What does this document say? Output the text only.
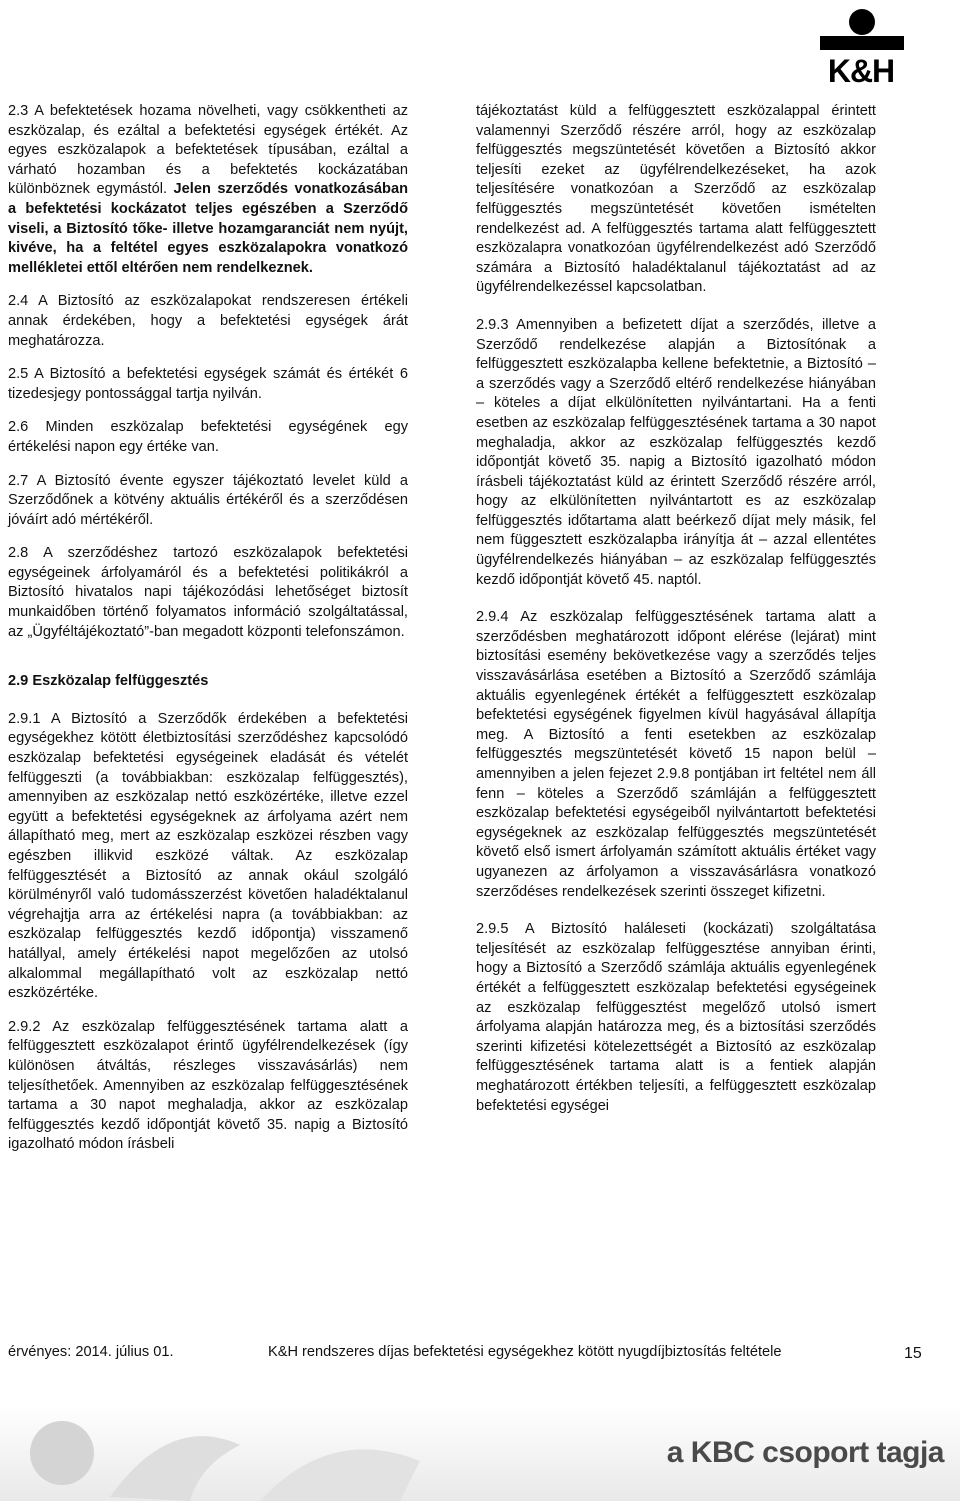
K&H

2.3 A befektetések hozama növelheti, vagy csökkentheti az eszközalap, és ezáltal a befektetési egységek értékét. Az egyes eszközalapok a befektetések típusában, ezáltal a várható hozamban és a befektetés kockázatában különböznek egymástól. Jelen szerződés vonatkozásában a befektetési kockázatot teljes egészében a Szerződő viseli, a Biztosító tőke- illetve hozamgaranciát nem nyújt, kivéve, ha a feltétel egyes eszközalapokra vonatkozó mellékletei ettől eltérően nem rendelkeznek.

2.4 A Biztosító az eszközalapokat rendszeresen értékeli annak érdekében, hogy a befektetési egységek árát meghatározza.

2.5 A Biztosító a befektetési egységek számát és értékét 6 tizedesjegy pontossággal tartja nyilván.

2.6 Minden eszközalap befektetési egységének egy értékelési napon egy értéke van.

2.7 A Biztosító évente egyszer tájékoztató levelet küld a Szerződőnek a kötvény aktuális értékéről és a szerződésen jóváírt adó mértékéről.

2.8 A szerződéshez tartozó eszközalapok befektetési egységeinek árfolyamáról és a befektetési politikákról a Biztosító hivatalos napi tájékozódási lehetőséget biztosít munkaidőben történő folyamatos információ szolgáltatással, az „Ügyféltájékoztató”-ban megadott központi telefonszámon.

2.9 Eszközalap felfüggesztés

2.9.1 A Biztosító a Szerződők érdekében a befektetési egységekhez kötött életbiztosítási szerződéshez kapcsolódó eszközalap befektetési egységeinek eladását és vételét felfüggeszti (a továbbiakban: eszközalap felfüggesztés), amennyiben az eszközalap nettó eszközértéke, illetve ezzel együtt a befektetési egységeknek az árfolyama azért nem állapítható meg, mert az eszközalap eszközei részben vagy egészben illikvid eszközé váltak. Az eszközalap felfüggesztését a Biztosító az annak okául szolgáló körülményről való tudomásszerzést követően haladéktalanul végrehajtja arra az értékelési napra (a továbbiakban: az eszközalap felfüggesztés kezdő időpontja) visszamenő hatállyal, amely értékelési napot megelőzően az utolsó alkalommal megállapítható volt az eszközalap nettó eszközértéke.

2.9.2 Az eszközalap felfüggesztésének tartama alatt a felfüggesztett eszközalapot érintő ügyfélrendelkezések (így különösen átváltás, részleges visszavásárlás) nem teljesíthetőek. Amennyiben az eszközalap felfüggesztésének tartama a 30 napot meghaladja, akkor az eszközalap felfüggesztés kezdő időpontját követő 35. napig a Biztosító igazolható módon írásbeli

tájékoztatást küld a felfüggesztett eszközalappal érintett valamennyi Szerződő részére arról, hogy az eszközalap felfüggesztés megszüntetését követően a Biztosító akkor teljesíti ezeket az ügyfélrendelkezéseket, ha azok teljesítésére vonatkozóan a Szerződő az eszközalap felfüggesztés megszüntetését követően ismételten rendelkezést ad. A felfüggesztés tartama alatt felfüggesztett eszközalapra vonatkozóan ügyfélrendelkezést adó Szerződő számára a Biztosító haladéktalanul tájékoztatást ad az ügyfélrendelkezéssel kapcsolatban.

2.9.3 Amennyiben a befizetett díjat a szerződés, illetve a Szerződő rendelkezése alapján a Biztosítónak a felfüggesztett eszközalapba kellene befektetnie, a Biztosító – a szerződés vagy a Szerződő eltérő rendelkezése hiányában – köteles a díjat elkülönítetten nyilvántartani. Ha a fenti esetben az eszközalap felfüggesztésének tartama a 30 napot meghaladja, akkor az eszközalap felfüggesztés kezdő időpontját követő 35. napig a Biztosító igazolható módon írásbeli tájékoztatást küld az érintett Szerződő részére arról, hogy az elkülönítetten nyilvántartott es az eszközalap felfüggesztés időtartama alatt beérkező díjat mely másik, fel nem függesztett eszközalapba irányítja át – azzal ellentétes ügyfélrendelkezés hiányában – az eszközalap felfüggesztés kezdő időpontját követő 45. naptól.

2.9.4 Az eszközalap felfüggesztésének tartama alatt a szerződésben meghatározott időpont elérése (lejárat) mint biztosítási esemény bekövetkezése vagy a szerződés teljes visszavásárlása esetében a Biztosító a Szerződő számlája aktuális egyenlegének értékét a felfüggesztett eszközalap befektetési egységének figyelmen kívül hagyásával állapítja meg. A Biztosító a fenti esetekben az eszközalap felfüggesztés megszüntetését követő 15 napon belül – amennyiben a jelen fejezet 2.9.8 pontjában irt feltétel nem áll fenn – köteles a Szerződő számláján a felfüggesztett eszközalap befektetési egységeiből nyilvántartott befektetési egységeknek az eszközalap felfüggesztés megszüntetését követő első ismert árfolyamán számított aktuális értéket vagy ugyanezen az árfolyamon a visszavásárlásra vonatkozó szerződéses rendelkezések szerinti összeget kifizetni.

2.9.5 A Biztosító haláleseti (kockázati) szolgáltatása teljesítését az eszközalap felfüggesztése annyiban érinti, hogy a Biztosító a Szerződő számlája aktuális egyenlegének értékét a felfüggesztett eszközalap befektetési egységeinek az eszközalap felfüggesztést megelőző utolsó ismert árfolyama alapján határozza meg, és a biztosítási szerződés szerinti kifizetési kötelezettségét a Biztosító az eszközalap felfüggesztésének tartama alatt is a fentiek alapján meghatározott értékben teljesíti, a felfüggesztett eszközalap befektetési egységei

érvényes: 2014. július 01.	K&H rendszeres díjas befektetési egységekhez kötött nyugdíjbiztosítás feltétele	15
a KBC csoport tagja
